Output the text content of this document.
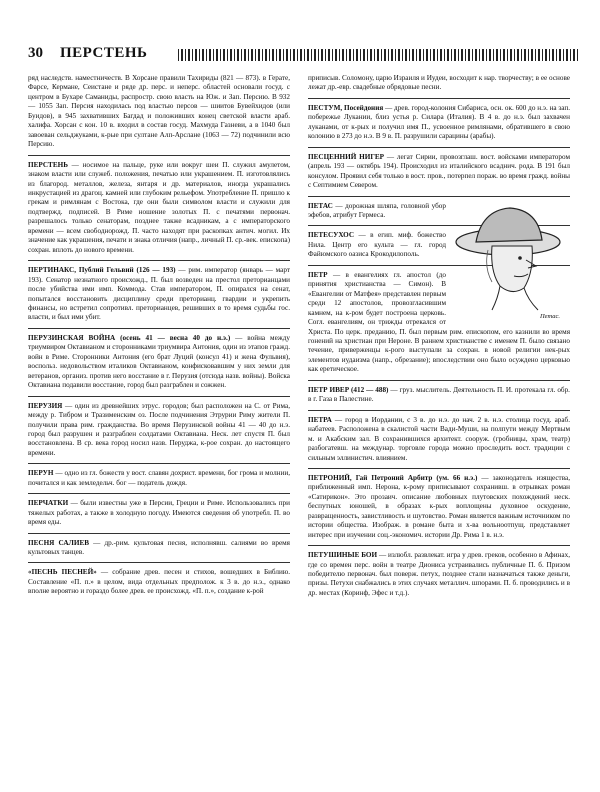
30 ПЕРСТЕНЬ
ряд наследств. наместничеств. В Хорсане правили Тахириды (821 — 873). в Герате, Фарсе, Кермане, Сеистане и ряде др. перс. и неперс. областей основали госуд. с центром в Бухаре Саманиды, распростр. свою власть на Юж. и Зап. Персию. В 932 — 1055 Зап. Персия находилась под властью персов — шиитов Бувейхидов (или Буидов), в 945 захвативших Багдад и положивших конец светской власти араб. халифа. Хорсан с кон. 10 в. входил в состав госуд. Махмуда Газневи, а в 1040 был завоеван сельджуками, к-рые при султане Алп-Арслане (1063 — 72) подчинили всю Персию.
ПЕРСТЕНЬ — носимое на пальце, руке или вокруг шеи П. служил амулетом, знаком власти или служеб. положения, печатью или украшением. П. изготовлялись из благород. металлов, железа, янтаря и др. материалов, иногда украшались инкрустацией из драгоц. камней или глубоким рельефом. Употребление П. пришло к грекам и римлянам с Востока, где они были символом власти и служили для подтвержд. подписей. В Риме ношение золотых П. с печатями первонач. разрешалось только сенаторам, позднее также всадникам, а с императорского времени — всем свободнорожд. П. часто находят при раскопках антич. могил. Их значение как украшения, печати и знака отличия (напр., личный П. ср.-век. епископа) сохран. вплоть до нового времени.
ПЕРТИНАКС, Публий Гельвий (126 — 193) — рим. император (январь — март 193). Сенатор незнатного происхожд., П. был возведен на престол преторианцами после убийства ими имп. Коммода. Став императором, П. опирался на сенат, попытался восстановить дисциплину среди преторианц. гвардии и укрепить финансы, но встретил сопротивл. преторианцев, решивших в то время судьбы гос. власти, и был ими убит.
ПЕРУЗИНСКАЯ ВОЙНА (осень 41 — весна 40 до н.э.) — война между триумвиром Октавианом и сторонниками триумвира Антония, один из этапов гражд. войн в Риме. Сторонники Антония (его брат Луций (консул 41) и жена Фульвия), воспольз. недовольством италиков Октавианом, конфисковавшим у них земли для ветеранов, организ. против него восстание в г. Перузия (отсюда назв. войны). Войска Октавиана подавили восстание, город был разграблен и сожжен.
ПЕРУЗИЯ — один из древнейших этрус. городов; был расположен на С. от Рима, между р. Тибром и Тразименским оз. После подчинения Этрурии Риму жители П. получили права рим. гражданства. Во время Перузинской войны 41 — 40 до н.э. город был разрушен и разграблен солдатами Октавиана. Неск. лет спустя П. был восстановлена. В ср. века город носил назв. Перуджа, к-рое сохран. до настоящего времени.
ПЕРУН — одно из гл. божеств у вост. славян дохрист. времени, бог грома и молнии, почитался и как земледельч. бог — податель дождя.
ПЕРЧАТКИ — были известны уже в Персии, Греции и Риме. Использовались при тяжелых работах, а также в холодную погоду. Имеются сведения об употребл. П. во время еды.
ПЕСНЯ САЛИЕВ — др.-рим. культовая песня, исполнявш. салиями во время культовых танцев.
«ПЕСНЬ ПЕСНЕЙ» — собрание древ. песен и стихов, вошедших в Библию. Составление «П. п.» в целом, вида отдельных предполож. к 3 в. до н.э., однако вполне вероятно и гораздо более древ. ее происхожд. «П. п.», создание к-рой
приписыв. Соломону, царю Израиля и Иудеи, восходит к нар. творчеству; в ее основе лежат др.-евр. свадебные обрядовые песни.
ПЕСТУМ, Посейдония — древ. город-колония Сибариса, осн. ок. 600 до н.э. на зап. побережье Лукании, близ устья р. Силара (Италия). В 4 в. до н.э. был захвачен луканами, от к-рых и получил имя П., усвоенное римлянами, обратившего в свою колонию в 273 до н.э. В 9 в. П. разрушили сарацины (арабы).
ПЕСЦЕННИЙ НИГЕР — легат Сирии, провозглаш. вост. войсками императором (апрель 193 — октябрь 194). Происходил из италийского всаднич. рода. В 191 был консулом. Проявил себя только в вост. пров., потерпел пораж. во время гражд. войны с Септимием Севером.
Петас.
ПЕТАС — дорожная шляпа, головной убор эфебов, атрибут Гермеса.
ПЕТЕСУХОС — в егип. миф. божество Нила. Центр его культа — гл. город Файюмского оазиса Крокодилополь.
ПЕТР — в евангелиях гл. апостол (до принятия христианства — Симон). В «Евангелии от Матфея» представлен первым среди 12 апостолов, провозгласившим камнем, на к-ром будет построена церковь. Согл. евангелиям, он трижды отрекался от Христа. По церк. преданию, П. был первым рим. епископом, его казнили во время гонений на христиан при Нероне. В раннем христианстве с именем П. было связано течение, приверженцы к-рого выступали за сохран. в новой религии нек-рых элементов иудаизма (напр., обрезание); впоследствии оно было осуждено церковью как еретическое.
ПЕТР ИВЕР (412 — 488) — груз. мыслитель. Деятельность П. И. протекала гл. обр. в г. Газа в Палестине.
ПЕТРА — город в Иордании, с 3 в. до н.э. до нач. 2 в. н.э. столица госуд. араб. набатеев. Расположена в скалистой части Вади-Муши, на полпути между Мертвым м. и Акабским зал. В сохранившихся архитект. сооруж. (гробницы, храм, театр) разбогатевш. на междунар. торговле города можно проследить вост. традиции с сильным эллинистич. влиянием.
ПЕТРОНИЙ, Гай Петроний Арбитр (ум. 66 н.э.) — законодатель изящества, приближенный имп. Нерона, к-рому приписывают сохранивш. в отрывках роман «Сатирикон». Это прозаич. описание любовных плутовских похождений неск. беспутных юношей, в образах к-рых воплощены духовное оскудение, развращенность, завистливость и шутовство. Роман является важным источником по истории общества. Изображ. в романе быта и х-ва вольноотпущ. представляет интерес при изучении соц.-экономич. истории Др. Рима 1 в. н.э.
ПЕТУШИНЫЕ БОИ — излюбл. развлекат. игра у древ. греков, особенно в Афинах, где со времен перс. войн в театре Диониса устраивались публичные П. б. Призом победителю первонач. был поверж. петух, позднее стали назначаться также деньги, призы. Петухи снабжались в этих случаях металлич. шпорами. П. б. проводились и в др. местах (Коринф, Эфес и т.д.).
